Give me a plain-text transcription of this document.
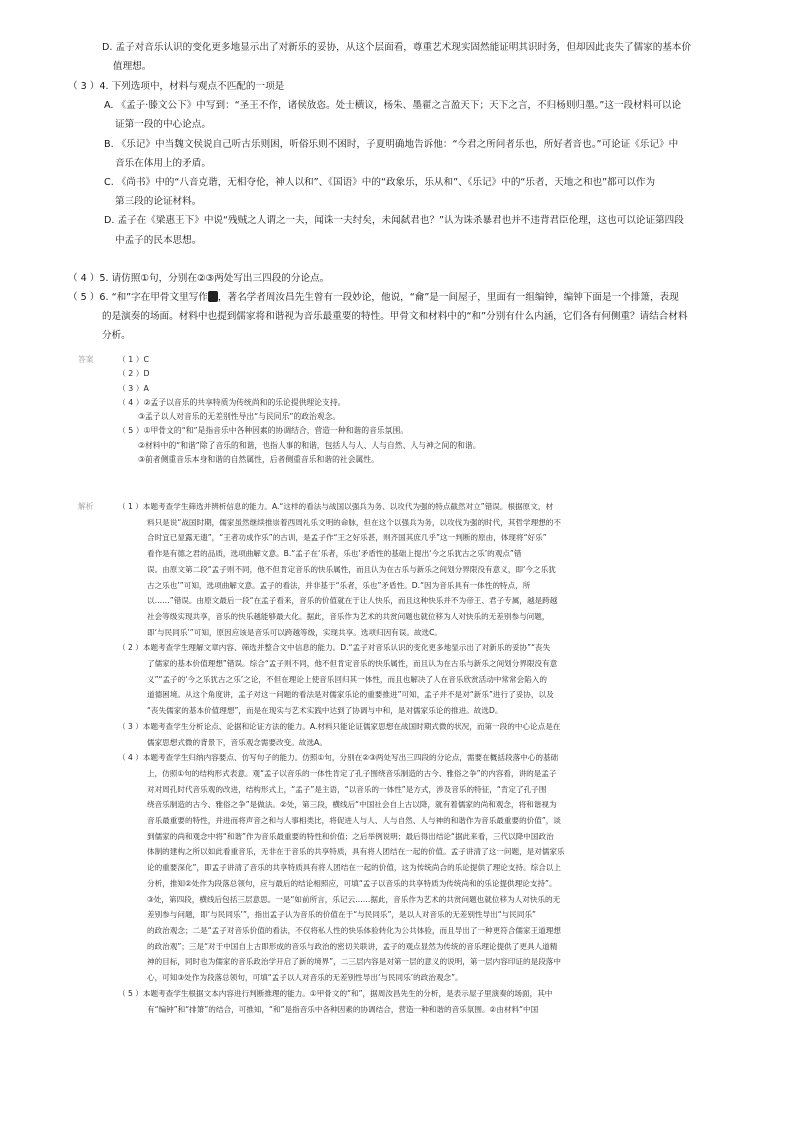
D. 孟子对音乐认识的变化更多地显示出了对新乐的妥协，从这个层面看，尊重艺术现实固然能证明其识时务，但却因此丧失了儒家的基本价
值理想。
（ 3 ）4. 下列选项中，材料与观点不匹配的一项是
A. 《孟子·滕文公下》中写到：“圣王不作，诸侯放恣。处士横议，杨朱、墨翟之言盈天下；天下之言，不归杨则归墨。”这一段材料可以论
证第一段的中心论点。
B. 《乐记》中当魏文侯说自己听古乐则困，听俗乐则不困时，子夏明确地告诉他：“今君之所问者乐也，所好者音也。”可论证《乐记》中
音乐在体用上的矛盾。
C. 《尚书》中的“八音克谐，无相夺伦，神人以和”、《国语》中的“政象乐，乐从和”、《乐记》中的“乐者，天地之和也”都可以作为
第三段的论证材料。
D. 孟子在《梁惠王下》中说“残贼之人谓之一夫，闻诛一夫纣矣，未闻弑君也？”认为诛杀暴君也并不违背君臣伦理，这也可以论证第四段
中孟子的民本思想。
（ 4 ）5. 请仿照①句，分别在②③两处写出三四段的分论点。
（ 5 ）6. “和”字在甲骨文里写作 ，著名学者周汝昌先生曾有一段妙论，他说，“龠”是一间屋子，里面有一组编钟，编钟下面是一个排箫，表现
的是演奏的场面。材料中也提到儒家将和谐视为音乐最重要的特性。甲骨文和材料中的“和”分别有什么内涵，它们各有何侧重？请结合材料
分析。
答案	（ 1 ）C
（ 2 ）D
（ 3 ）A
（ 4 ）②孟子以音乐的共享特质为传统尚和的乐论提供理论支持。
③孟子以人对音乐的无差别性导出“与民同乐”的政治观念。
（ 5 ）①甲骨文的“和”是指音乐中各种因素的协调结合，营造一种和谐的音乐氛围。
②材料中的“和谐”除了音乐的和谐，也指人事的和谐，包括人与人、人与自然、人与神之间的和谐。
③前者侧重音乐本身和谐的自然属性，后者侧重音乐和谐的社会属性。
解析	（ 1 ）本题考查学生筛选并辨析信息的能力。A.“这样的看法与战国以强兵为务、以攻代为强的特点截然对立”错误。根据原文，材
料只是说“战国时期，儒家虽然继续推崇着西周礼乐文明的命脉，但在这个以强兵为务，以攻伐为强的时代，其哲学理想的不
合时宜已显露无遗”，“王者功成作乐”的古训，是孟子作“王之好乐甚，则齐国其庶几乎”这一判断的原由，体现将“好乐”
看作是有德之君的品质，选项曲解文意。B.“孟子在‘乐者，乐也’矛盾性的基础上提出‘今之乐犹古之乐’的观点”错
误。由原文第二段“孟子则不同，他不但肯定音乐的快乐属性，而且认为在古乐与新乐之间划分界限没有意义，即‘今之乐犹
古之乐也’”可知，选项曲解文意。孟子的看法，并非基于“乐者，乐也”矛盾性。D.“因为音乐具有一体性的特点，所
以……”错误。由原文最后一段“在孟子看来，音乐的价值就在于让人快乐，而且这种快乐并不为帝王、君子专属，越是跨越
社会等级实现共享，音乐的快乐越能够最大化。据此，音乐作为艺术的共赏问题也就位移为人对快乐的无差别参与问题，
即‘与民同乐’”可知，原因应该是音乐可以跨越等级，实现共享。选项归因有误。故选C。
（ 2 ）本题考查学生理解文章内容、筛选并整合文中信息的能力。D.“孟子对音乐认识的变化更多地显示出了对新乐的妥协”“丧失
了儒家的基本价值理想”错误。综合“孟子则不同，他不但肯定音乐的快乐属性，而且认为在古乐与新乐之间划分界限没有意
义”“孟子的‘今之乐犹古之乐’之论，不但在理论上使音乐回归其一体性，而且也解决了人在音乐欣赏活动中常常会陷入的
道德困境。从这个角度讲，孟子对这一问题的看法是对儒家乐论的重要推进”可知，孟子并不是对“新乐”进行了妥协，以及
“丧失儒家的基本价值理想”，而是在现实与艺术实践中达到了协调与中和，是对儒家乐论的推进。故选D。
（ 3 ）本题考查学生分析论点、论据和论证方法的能力。A.材料只能论证儒家思想在战国时期式微的状况，而第一段的中心论点是在
儒家思想式微的背景下，音乐观念需要改变。故选A。
（ 4 ）本题考查学生归纳内容要点、仿写句子的能力。仿照①句，分别在②③两处写出三四段的分论点，需要在概括段落中心的基础
上，仿照①句的结构形式表意。观“孟子以音乐的一体性肯定了孔子围绕音乐制造的古今、雅俗之争”的内容看，讲的是孟子
对对周孔时代音乐观的改进，结构形式上，“孟子”是主语，“以音乐的一体性”是方式，涉及音乐的特征，“肯定了孔子围
绕音乐制造的古今、雅俗之争”是做法。②处，第三段，横线后“中国社会自上古以降，就有着儒家的尚和观念，将和谐视为
音乐最重要的特性，并进而将声音之和与人事相类比，将促进人与人、人与自然、人与神的和谐作为音乐最重要的价值”，谈
到儒家的尚和观念中将“和谐”作为音乐最重要的特性和价值；之后举例说明；最后得出结论“据此来看，三代以降中国政治
体制的建构之所以如此看重音乐，无非在于音乐的共享特质，具有将人团结在一起的价值。孟子讲清了这一问题，是对儒家乐
论的重要深化”，即孟子讲清了音乐的共享特质具有将人团结在一起的价值，这为传统尚合的乐论提供了理论支持。综合以上
分析，推知②处作为段落总领句，应与最后的结论相照应，可填“孟子以音乐的共享特质为传统尚和的乐论提供理论支持”。
③处，第四段，横线后包括三层意思。一是“如前所言，乐记云……据此，音乐作为艺术的共赏问题也就位移为人对快乐的无
差别参与问题，即‘与民同乐’”，指出孟子认为音乐的价值在于“与民同乐”，是以人对音乐的无差别性导出“与民同乐”
的政治观念；二是“孟子对音乐价值的看法，不仅将私人性的快乐体验转化为公共体验，而且导出了一种更符合儒家王道理想
的政治观”；三是“对于中国自上古即形成的音乐与政治的密切关联讲，孟子的观点显然为传统的音乐理论提供了更具人道精
神的目标，同时也为儒家的音乐政治学开启了新的境界”，二三层内容是对第一层的意义的说明，第一层内容印证的是段落中
心，可知③处作为段落总领句，可填“孟子以人对音乐的无差别性导出‘与民同乐’的政治观念”。
（ 5 ）本题考查学生根据文本内容进行判断推理的能力。①甲骨文的“和”，据周汝昌先生的分析，是表示屋子里演奏的场面，其中
有“编钟”和“排箫”的结合，可推知，“和”是指音乐中各种因素的协调结合，营造一种和谐的音乐氛围。②由材料“中国
